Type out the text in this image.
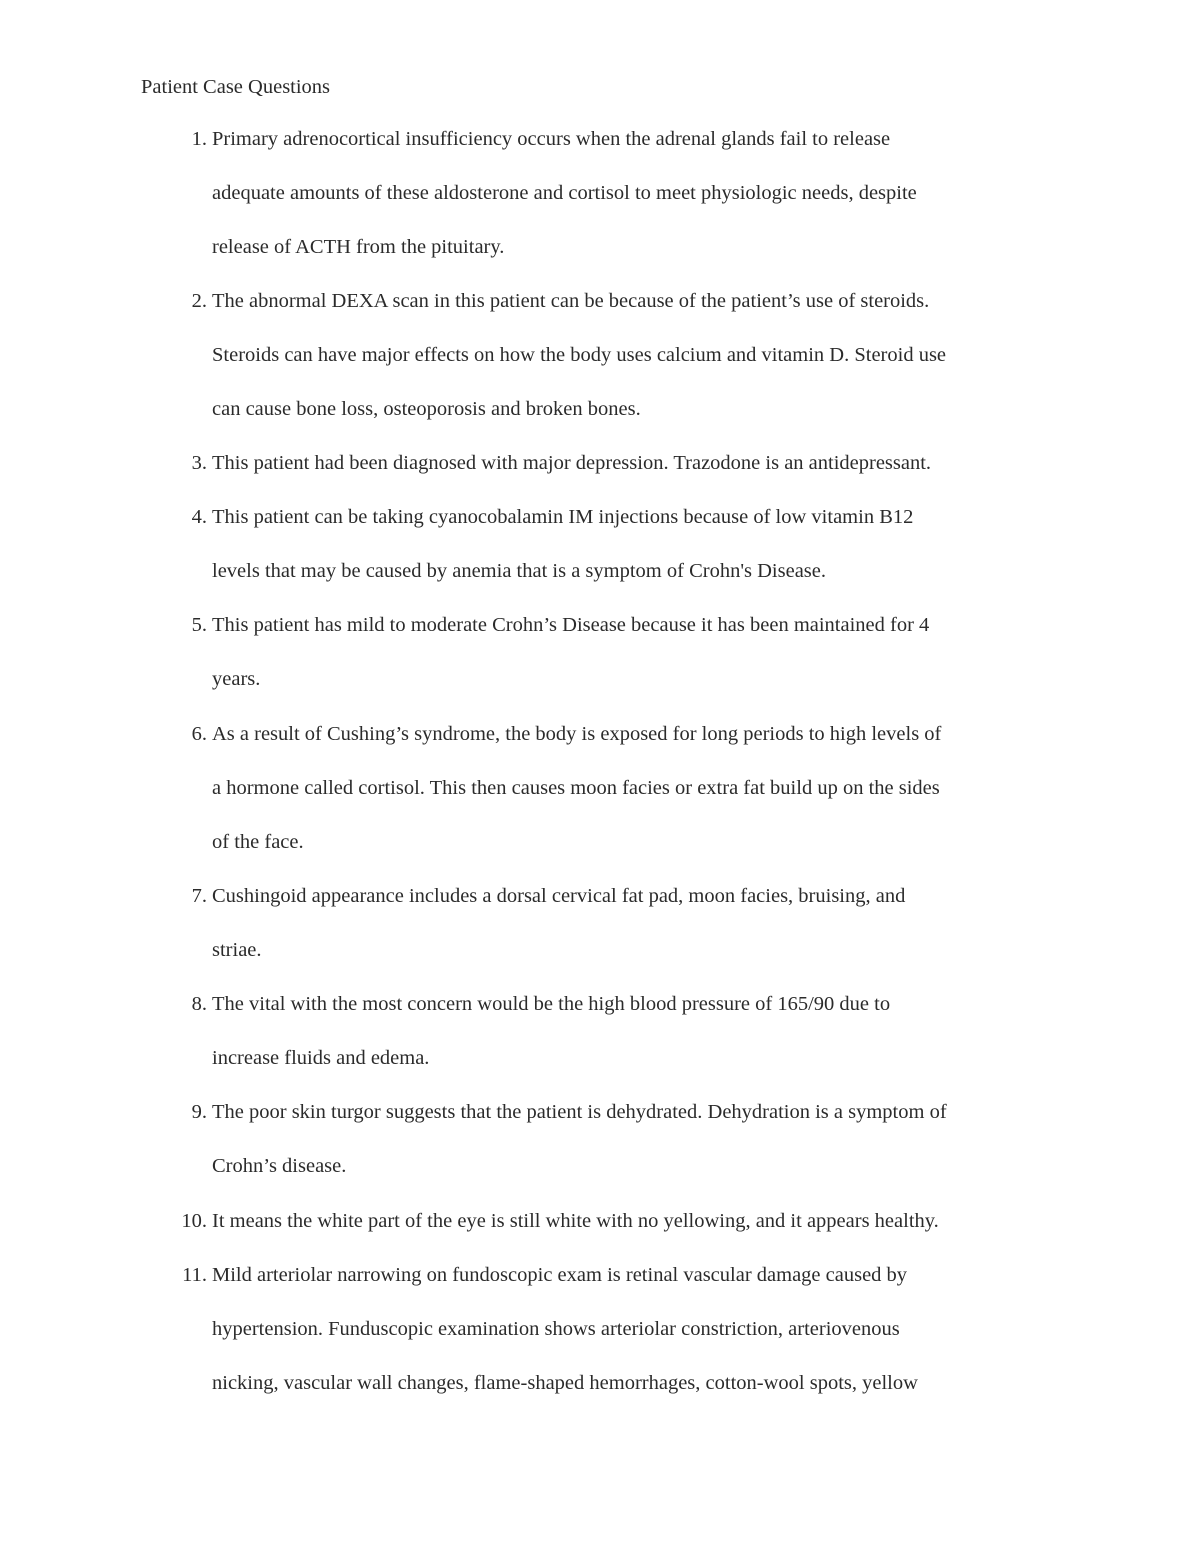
Patient Case Questions
1. Primary adrenocortical insufficiency occurs when the adrenal glands fail to release
adequate amounts of these aldosterone and cortisol to meet physiologic needs, despite
release of ACTH from the pituitary.
2. The abnormal DEXA scan in this patient can be because of the patient’s use of steroids.
Steroids can have major effects on how the body uses calcium and vitamin D. Steroid use
can cause bone loss, osteoporosis and broken bones.
3. This patient had been diagnosed with major depression. Trazodone is an antidepressant.
4. This patient can be taking cyanocobalamin IM injections because of low vitamin B12
levels that may be caused by anemia that is a symptom of Crohn's Disease.
5. This patient has mild to moderate Crohn’s Disease because it has been maintained for 4
years.
6. As a result of Cushing’s syndrome, the body is exposed for long periods to high levels of
a hormone called cortisol. This then causes moon facies or extra fat build up on the sides
of the face.
7. Cushingoid appearance includes a dorsal cervical fat pad, moon facies, bruising, and
striae.
8. The vital with the most concern would be the high blood pressure of 165/90 due to
increase fluids and edema.
9. The poor skin turgor suggests that the patient is dehydrated. Dehydration is a symptom of
Crohn’s disease.
10. It means the white part of the eye is still white with no yellowing, and it appears healthy.
11. Mild arteriolar narrowing on fundoscopic exam is retinal vascular damage caused by
hypertension. Funduscopic examination shows arteriolar constriction, arteriovenous
nicking, vascular wall changes, flame-shaped hemorrhages, cotton-wool spots, yellow
